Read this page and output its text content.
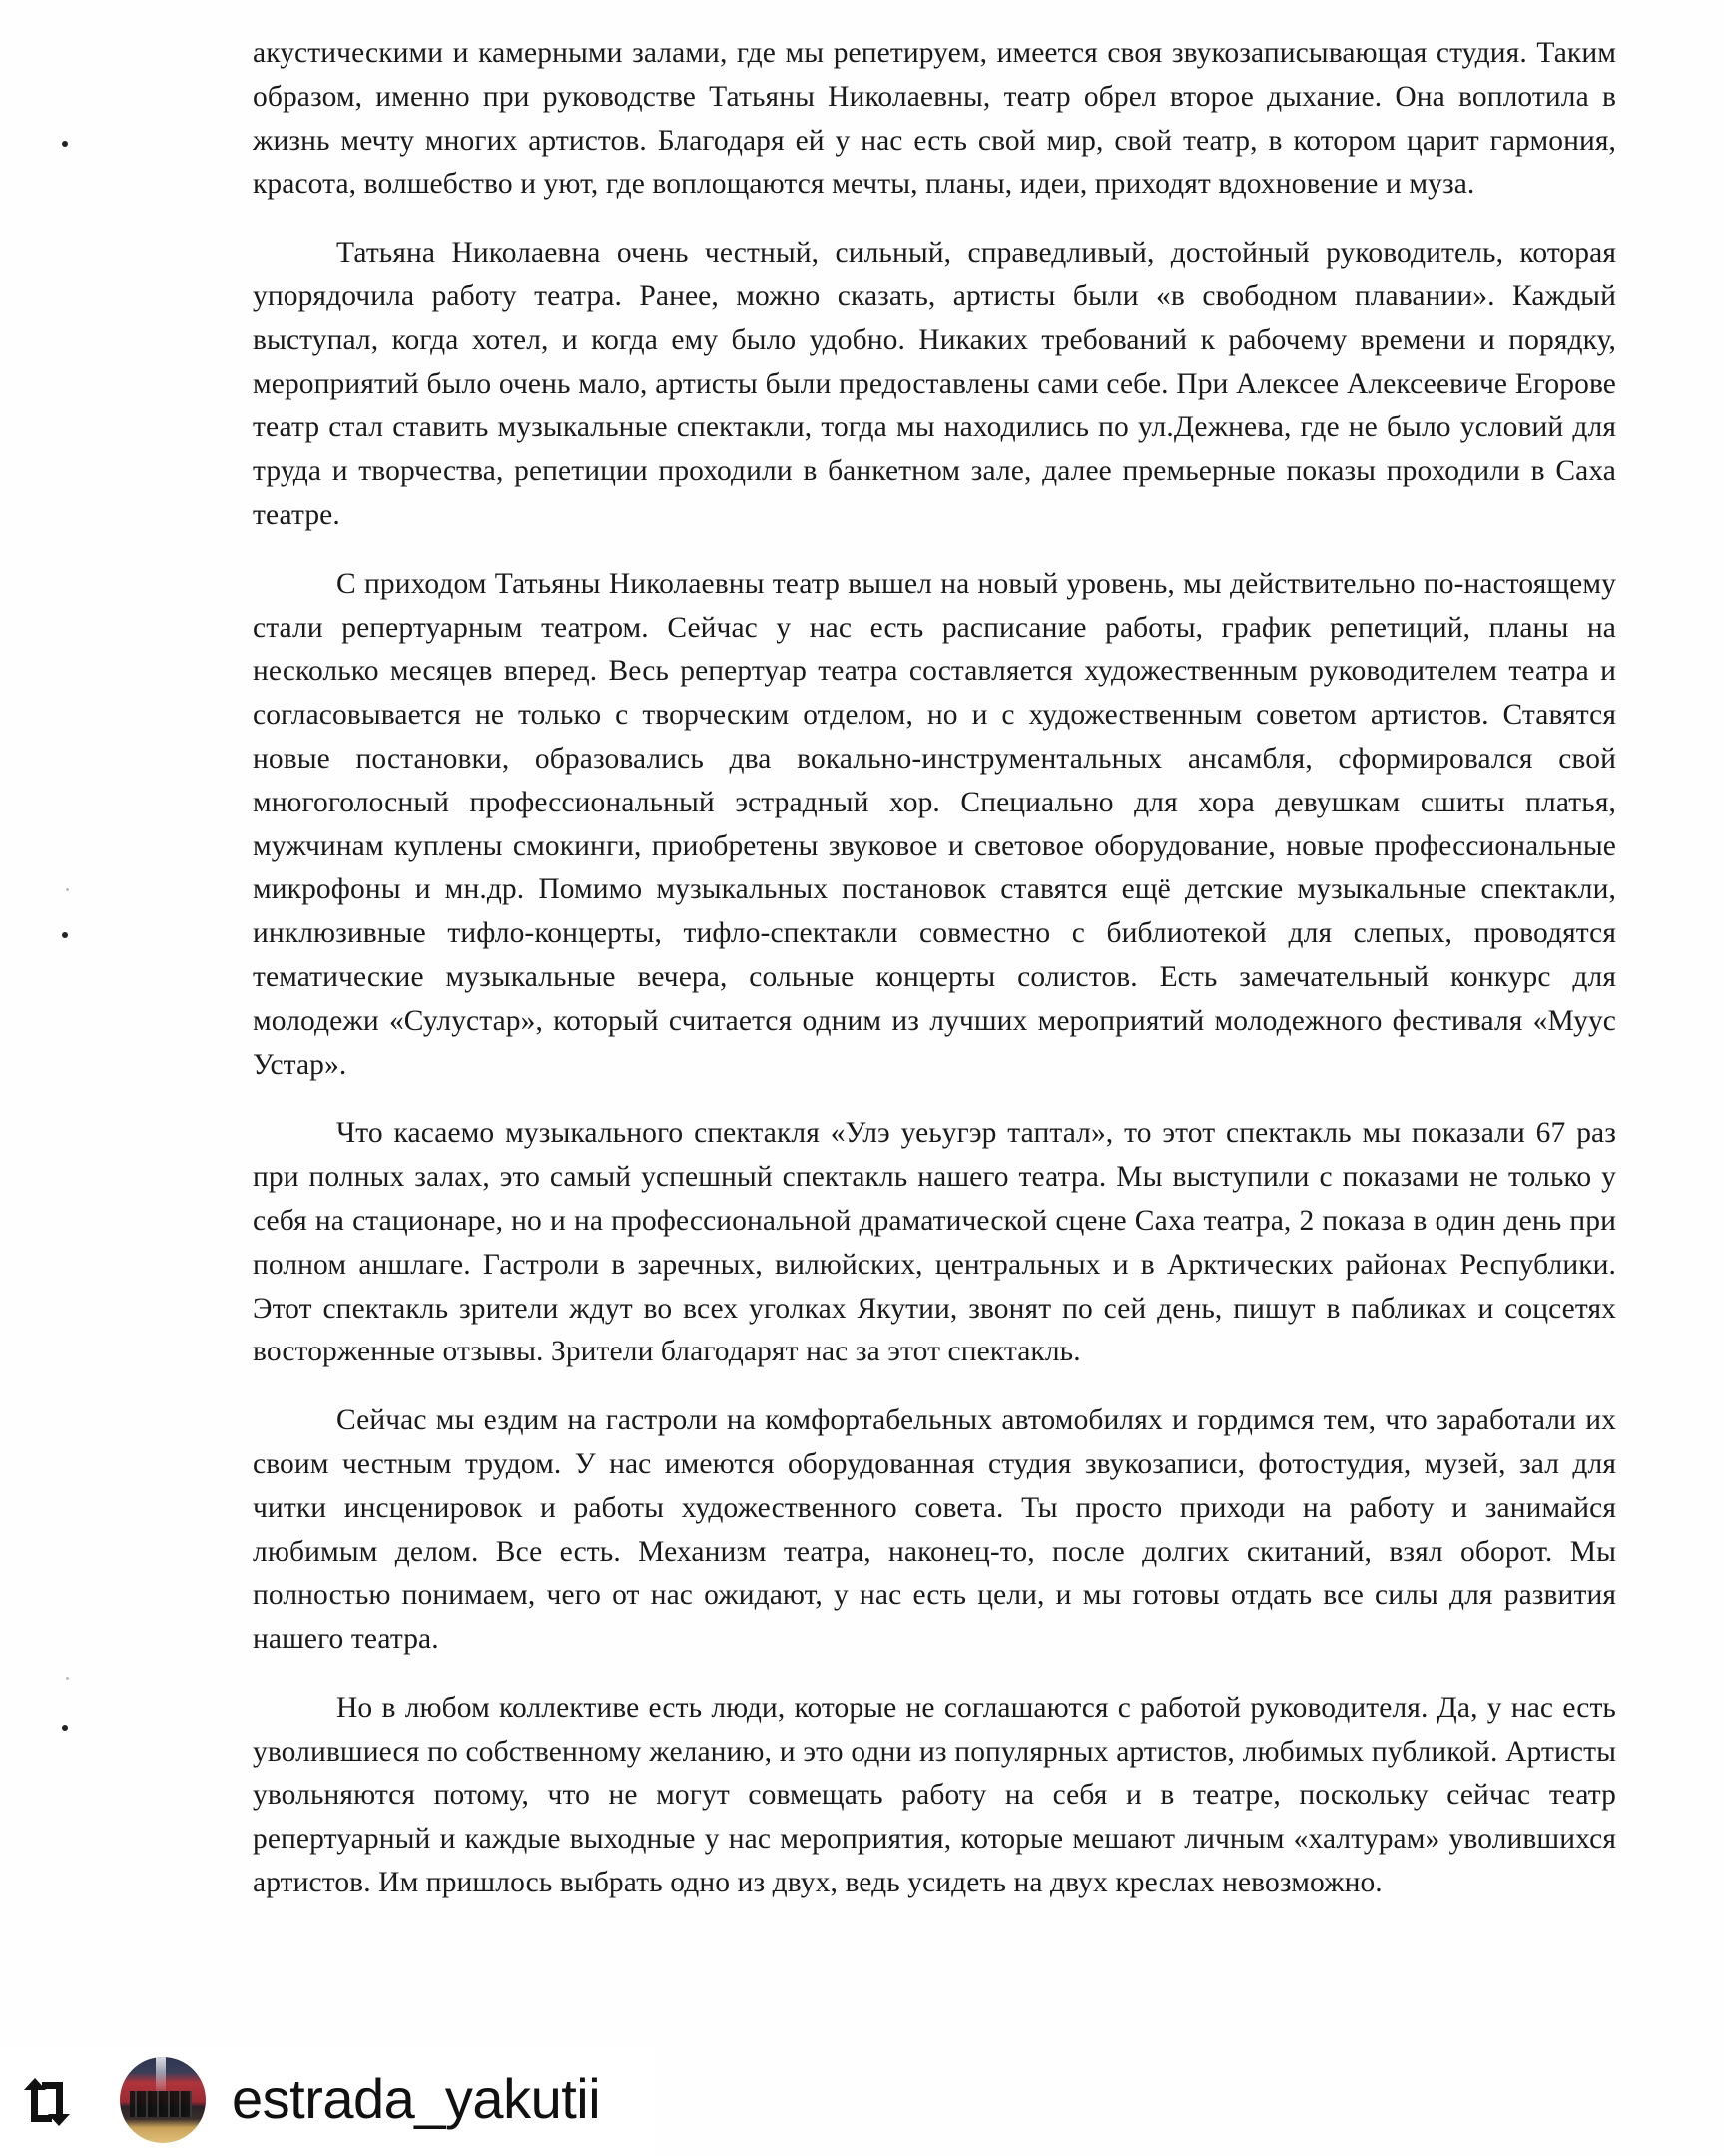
акустическими и камерными залами, где мы репетируем, имеется своя звукозаписывающая студия. Таким образом, именно при руководстве Татьяны Николаевны, театр обрел второе дыхание. Она воплотила в жизнь мечту многих артистов. Благодаря ей у нас есть свой мир, свой театр, в котором царит гармония, красота, волшебство и уют, где воплощаются мечты, планы, идеи, приходят вдохновение и муза.

Татьяна Николаевна очень честный, сильный, справедливый, достойный руководитель, которая упорядочила работу театра. Ранее, можно сказать, артисты были «в свободном плавании». Каждый выступал, когда хотел, и когда ему было удобно. Никаких требований к рабочему времени и порядку, мероприятий было очень мало, артисты были предоставлены сами себе. При Алексее Алексеевиче Егорове театр стал ставить музыкальные спектакли, тогда мы находились по ул.Дежнева, где не было условий для труда и творчества, репетиции проходили в банкетном зале, далее премьерные показы проходили в Саха театре.

С приходом Татьяны Николаевны театр вышел на новый уровень, мы действительно по-настоящему стали репертуарным театром. Сейчас у нас есть расписание работы, график репетиций, планы на несколько месяцев вперед. Весь репертуар театра составляется художественным руководителем театра и согласовывается не только с творческим отделом, но и с художественным советом артистов. Ставятся новые постановки, образовались два вокально-инструментальных ансамбля, сформировался свой многоголосный профессиональный эстрадный хор. Специально для хора девушкам сшиты платья, мужчинам куплены смокинги, приобретены звуковое и световое оборудование, новые профессиональные микрофоны и мн.др. Помимо музыкальных постановок ставятся ещё детские музыкальные спектакли, инклюзивные тифло-концерты, тифло-спектакли совместно с библиотекой для слепых, проводятся тематические музыкальные вечера, сольные концерты солистов. Есть замечательный конкурс для молодежи «Сулустар», который считается одним из лучших мероприятий молодежного фестиваля «Муус Устар».

Что касаемо музыкального спектакля «Улэ уеьугэр таптал», то этот спектакль мы показали 67 раз при полных залах, это самый успешный спектакль нашего театра. Мы выступили с показами не только у себя на стационаре, но и на профессиональной драматической сцене Саха театра, 2 показа в один день при полном аншлаге. Гастроли в заречных, вилюйских, центральных и в Арктических районах Республики. Этот спектакль зрители ждут во всех уголках Якутии, звонят по сей день, пишут в пабликах и соцсетях восторженные отзывы. Зрители благодарят нас за этот спектакль.

Сейчас мы ездим на гастроли на комфортабельных автомобилях и гордимся тем, что заработали их своим честным трудом. У нас имеются оборудованная студия звукозаписи, фотостудия, музей, зал для читки инсценировок и работы художественного совета. Ты просто приходи на работу и занимайся любимым делом. Все есть. Механизм театра, наконец-то, после долгих скитаний, взял оборот. Мы полностью понимаем, чего от нас ожидают, у нас есть цели, и мы готовы отдать все силы для развития нашего театра.

Но в любом коллективе есть люди, которые не соглашаются с работой руководителя. Да, у нас есть уволившиеся по собственному желанию, и это одни из популярных артистов, любимых публикой. Артисты увольняются потому, что не могут совмещать работу на себя и в театре, поскольку сейчас театр репертуарный и каждые выходные у нас мероприятия, которые мешают личным «халтурам» уволившихся артистов. Им пришлось выбрать одно из двух, ведь усидеть на двух креслах невозможно.

estrada_yakutii
